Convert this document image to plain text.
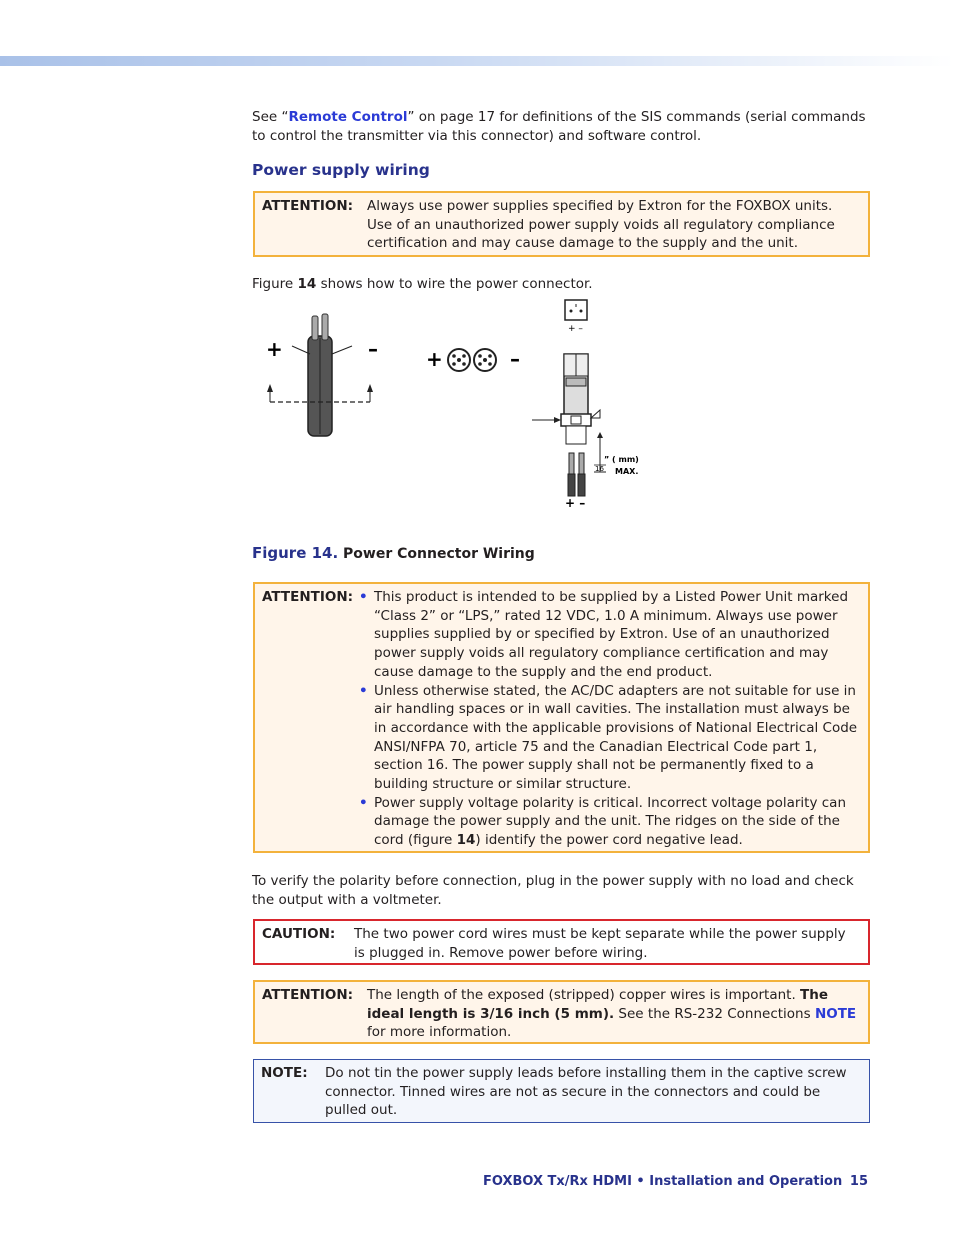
See “Remote Control” on page 17 for definitions of the SIS commands (serial commands to control the transmitter via this connector) and software control.
Power supply wiring
ATTENTION: Always use power supplies specified by Extron for the FOXBOX units. Use of an unauthorized power supply voids all regulatory compliance certification and may cause damage to the supply and the unit.
Figure 14 shows how to wire the power connector.
+	– +	–
+ –
+ –
16
” ( mm)
MAX.
Figure 14. Power Connector Wiring
ATTENTION: • This product is intended to be supplied by a Listed Power Unit marked “Class 2” or “LPS,” rated 12 VDC, 1.0 A minimum. Always use power supplies supplied by or specified by Extron. Use of an unauthorized power supply voids all regulatory compliance certification and may cause damage to the supply and the end product.
• Unless otherwise stated, the AC/DC adapters are not suitable for use in air handling spaces or in wall cavities. The installation must always be in accordance with the applicable provisions of National Electrical Code ANSI/NFPA 70, article 75 and the Canadian Electrical Code part 1, section 16. The power supply shall not be permanently fixed to a building structure or similar structure.
• Power supply voltage polarity is critical. Incorrect voltage polarity can damage the power supply and the unit. The ridges on the side of the cord (figure 14) identify the power cord negative lead.
To verify the polarity before connection, plug in the power supply with no load and check the output with a voltmeter.
CAUTION: The two power cord wires must be kept separate while the power supply is plugged in. Remove power before wiring.
ATTENTION: The length of the exposed (stripped) copper wires is important. The ideal length is 3/16 inch (5 mm). See the RS-232 Connections NOTE for more information.
NOTE: Do not tin the power supply leads before installing them in the captive screw connector. Tinned wires are not as secure in the connectors and could be pulled out.
FOXBOX Tx/Rx HDMI • Installation and Operation 15
